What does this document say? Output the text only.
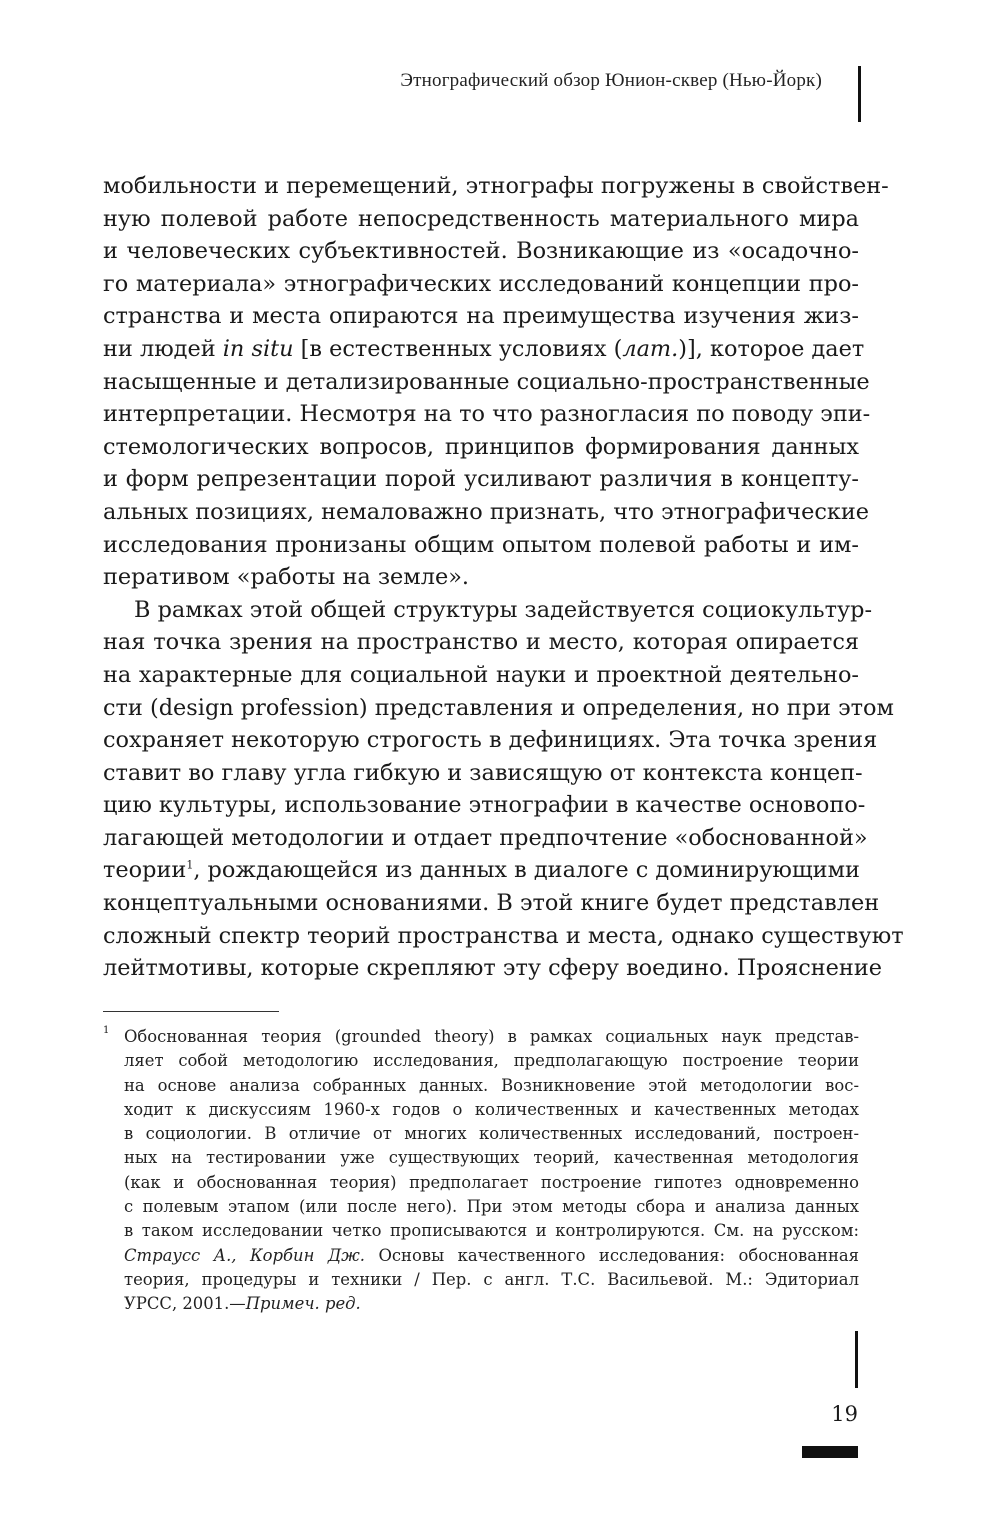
Этнографический обзор Юнион-сквер (Нью-Йорк)
мобильности и перемещений, этнографы погружены в свойствен-
ную полевой работе непосредственность материального мира
и человеческих субъективностей. Возникающие из «осадочно-
го материала» этнографических исследований концепции про-
странства и места опираются на преимущества изучения жиз-
ни людей in situ [в естественных условиях (лат.)], которое дает
насыщенные и детализированные социально-пространственные
интерпретации. Несмотря на то что разногласия по поводу эпи-
стемологических вопросов, принципов формирования данных
и форм репрезентации порой усиливают различия в концепту-
альных позициях, немаловажно признать, что этнографические
исследования пронизаны общим опытом полевой работы и им-
перативом «работы на земле».
В рамках этой общей структуры задействуется социокультур-
ная точка зрения на пространство и место, которая опирается
на характерные для социальной науки и проектной деятельно-
сти (design profession) представления и определения, но при этом
сохраняет некоторую строгость в дефинициях. Эта точка зрения
ставит во главу угла гибкую и зависящую от контекста концеп-
цию культуры, использование этнографии в качестве основопо-
лагающей методологии и отдает предпочтение «обоснованной»
теории$^1$, рождающейся из данных в диалоге с доминирующими
концептуальными основаниями. В этой книге будет представлен
сложный спектр теорий пространства и места, однако существуют
лейтмотивы, которые скрепляют эту сферу воедино. Прояснение
1 Обоснованная теория (grounded theory) в рамках социальных наук представ-
ляет собой методологию исследования, предполагающую построение теории
на основе анализа собранных данных. Возникновение этой методологии вос-
ходит к дискуссиям 1960-х годов о количественных и качественных методах
в социологии. В отличие от многих количественных исследований, построен-
ных на тестировании уже существующих теорий, качественная методология
(как и обоснованная теория) предполагает построение гипотез одновременно
с полевым этапом (или после него). При этом методы сбора и анализа данных
в таком исследовании четко прописываются и контролируются. См. на русском:
Страусс А., Корбин Дж. Основы качественного исследования: обоснованная
теория, процедуры и техники / Пер. с англ. Т.С. Васильевой. М.: Эдиториал
УРСС, 2001.—Примеч. ред.
19
